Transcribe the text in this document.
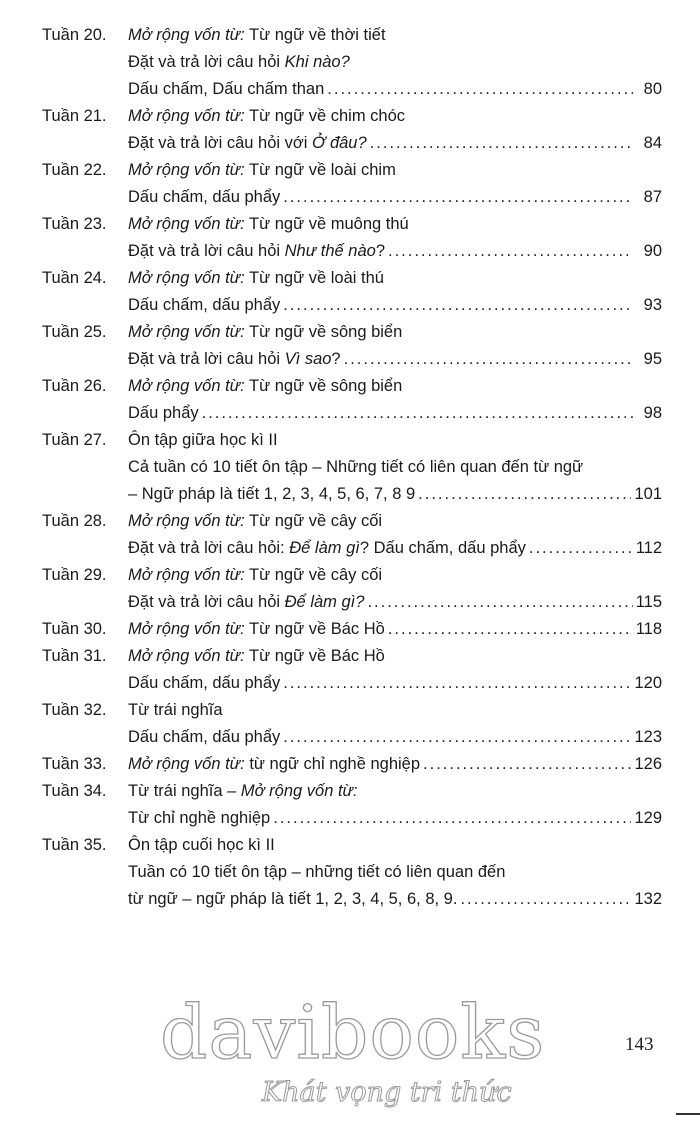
Tuần 20. Mở rộng vốn từ: Từ ngữ về thời tiết
Đặt và trả lời câu hỏi Khi nào?
Dấu chấm, Dấu chấm than .....	80
Tuần 21. Mở rộng vốn từ: Từ ngữ về chim chóc
Đặt và trả lời câu hỏi với Ở đâu? .....	84
Tuần 22. Mở rộng vốn từ: Từ ngữ về loài chim
Dấu chấm, dấu phẩy .....	87
Tuần 23. Mở rộng vốn từ: Từ ngữ về muông thú
Đặt và trả lời câu hỏi Như thế nào? .....	90
Tuần 24. Mở rộng vốn từ: Từ ngữ về loài thú
Dấu chấm, dấu phẩy .....	93
Tuần 25. Mở rộng vốn từ: Từ ngữ về sông biển
Đặt và trả lời câu hỏi Vì sao? .....	95
Tuần 26. Mở rộng vốn từ: Từ ngữ về sông biển
Dấu phẩy .....	98
Tuần 27. Ôn tập giữa học kì II
Cả tuần có 10 tiết ôn tập – Những tiết có liên quan đến từ ngữ
– Ngữ pháp là tiết 1, 2, 3, 4, 5, 6, 7, 8 9 .....	101
Tuần 28. Mở rộng vốn từ: Từ ngữ về cây cối
Đặt và trả lời câu hỏi: Để làm gì? Dấu chấm, dấu phẩy .....	112
Tuần 29. Mở rộng vốn từ: Từ ngữ về cây cối
Đặt và trả lời câu hỏi Để làm gì? .....	115
Tuần 30. Mở rộng vốn từ: Từ ngữ về Bác Hồ .....	118
Tuần 31. Mở rộng vốn từ: Từ ngữ về Bác Hồ
Dấu chấm, dấu phẩy .....	120
Tuần 32. Từ trái nghĩa
Dấu chấm, dấu phẩy .....	123
Tuần 33. Mở rộng vốn từ: từ ngữ chỉ nghề nghiệp .....	126
Tuần 34. Từ trái nghĩa – Mở rộng vốn từ:
Từ chỉ nghề nghiệp .....	129
Tuần 35. Ôn tập cuối học kì II
Tuần có 10 tiết ôn tập – những tiết có liên quan đến
từ ngữ – ngữ pháp là tiết 1, 2, 3, 4, 5, 6, 8, 9. .....	132
143
davibooks
Khát vọng tri thức
